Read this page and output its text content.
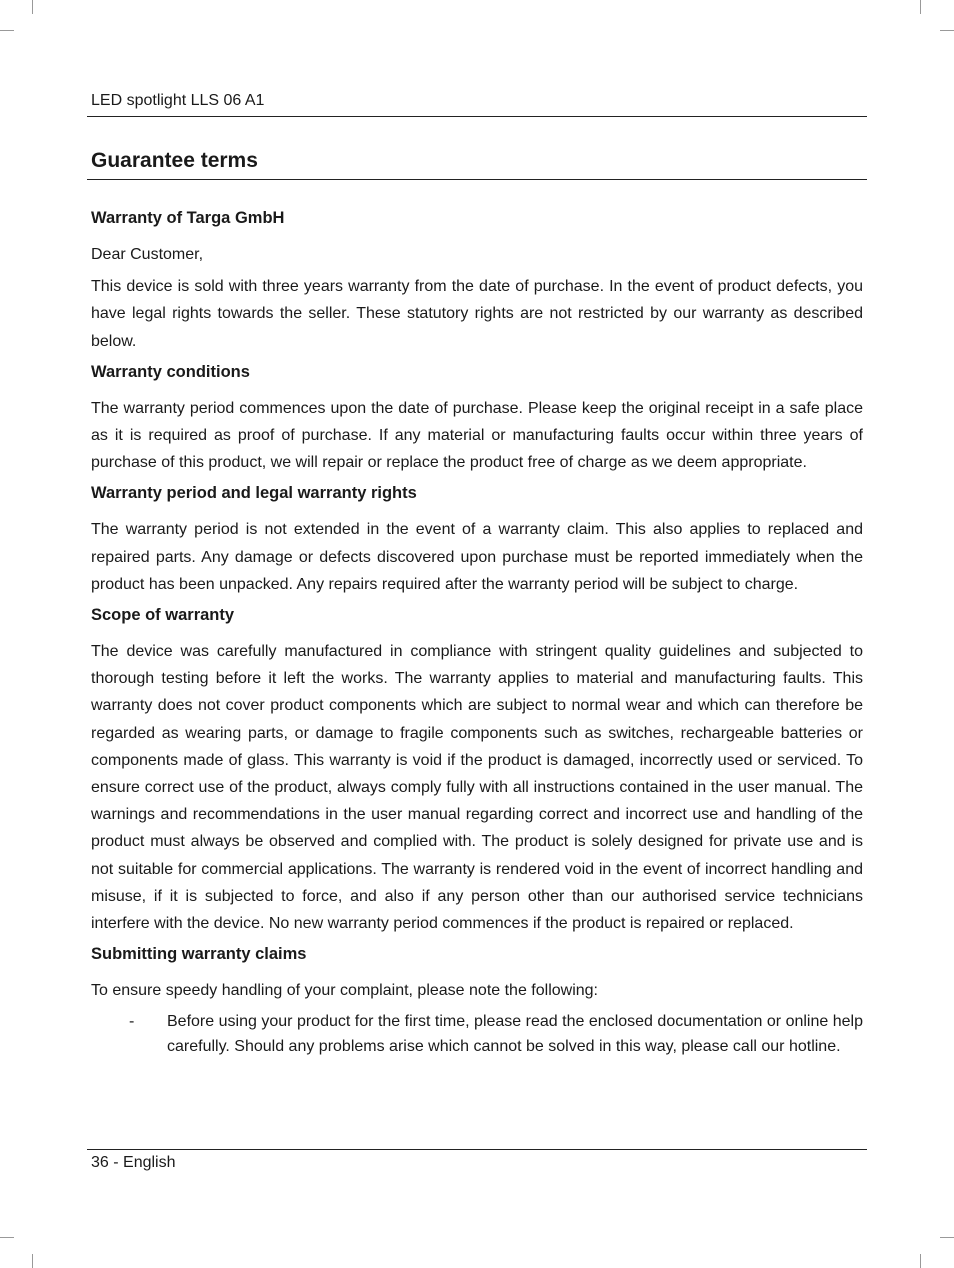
LED spotlight LLS 06 A1
Guarantee terms
Warranty of Targa GmbH

Dear Customer,

This device is sold with three years warranty from the date of purchase. In the event of product defects, you have legal rights towards the seller. These statutory rights are not restricted by our warranty as described below.

Warranty conditions

The warranty period commences upon the date of purchase. Please keep the original receipt in a safe place as it is required as proof of purchase. If any material or manufacturing faults occur within three years of purchase of this product, we will repair or replace the product free of charge as we deem appropriate.

Warranty period and legal warranty rights

The warranty period is not extended in the event of a warranty claim. This also applies to replaced and repaired parts. Any damage or defects discovered upon purchase must be reported immediately when the product has been unpacked. Any repairs required after the warranty period will be subject to charge.

Scope of warranty

The device was carefully manufactured in compliance with stringent quality guidelines and subjected to thorough testing before it left the works. The warranty applies to material and manufacturing faults. This warranty does not cover product components which are subject to normal wear and which can therefore be regarded as wearing parts, or damage to fragile components such as switches, rechargeable batteries or components made of glass. This warranty is void if the product is damaged, incorrectly used or serviced. To ensure correct use of the product, always comply fully with all instructions contained in the user manual. The warnings and recommendations in the user manual regarding correct and incorrect use and handling of the product must always be observed and complied with. The product is solely designed for private use and is not suitable for commercial applications. The warranty is rendered void in the event of incorrect handling and misuse, if it is subjected to force, and also if any person other than our authorised service technicians interfere with the device. No new warranty period commences if the product is repaired or replaced.

Submitting warranty claims

To ensure speedy handling of your complaint, please note the following:

- Before using your product for the first time, please read the enclosed documentation or online help carefully. Should any problems arise which cannot be solved in this way, please call our hotline.
36 - English
